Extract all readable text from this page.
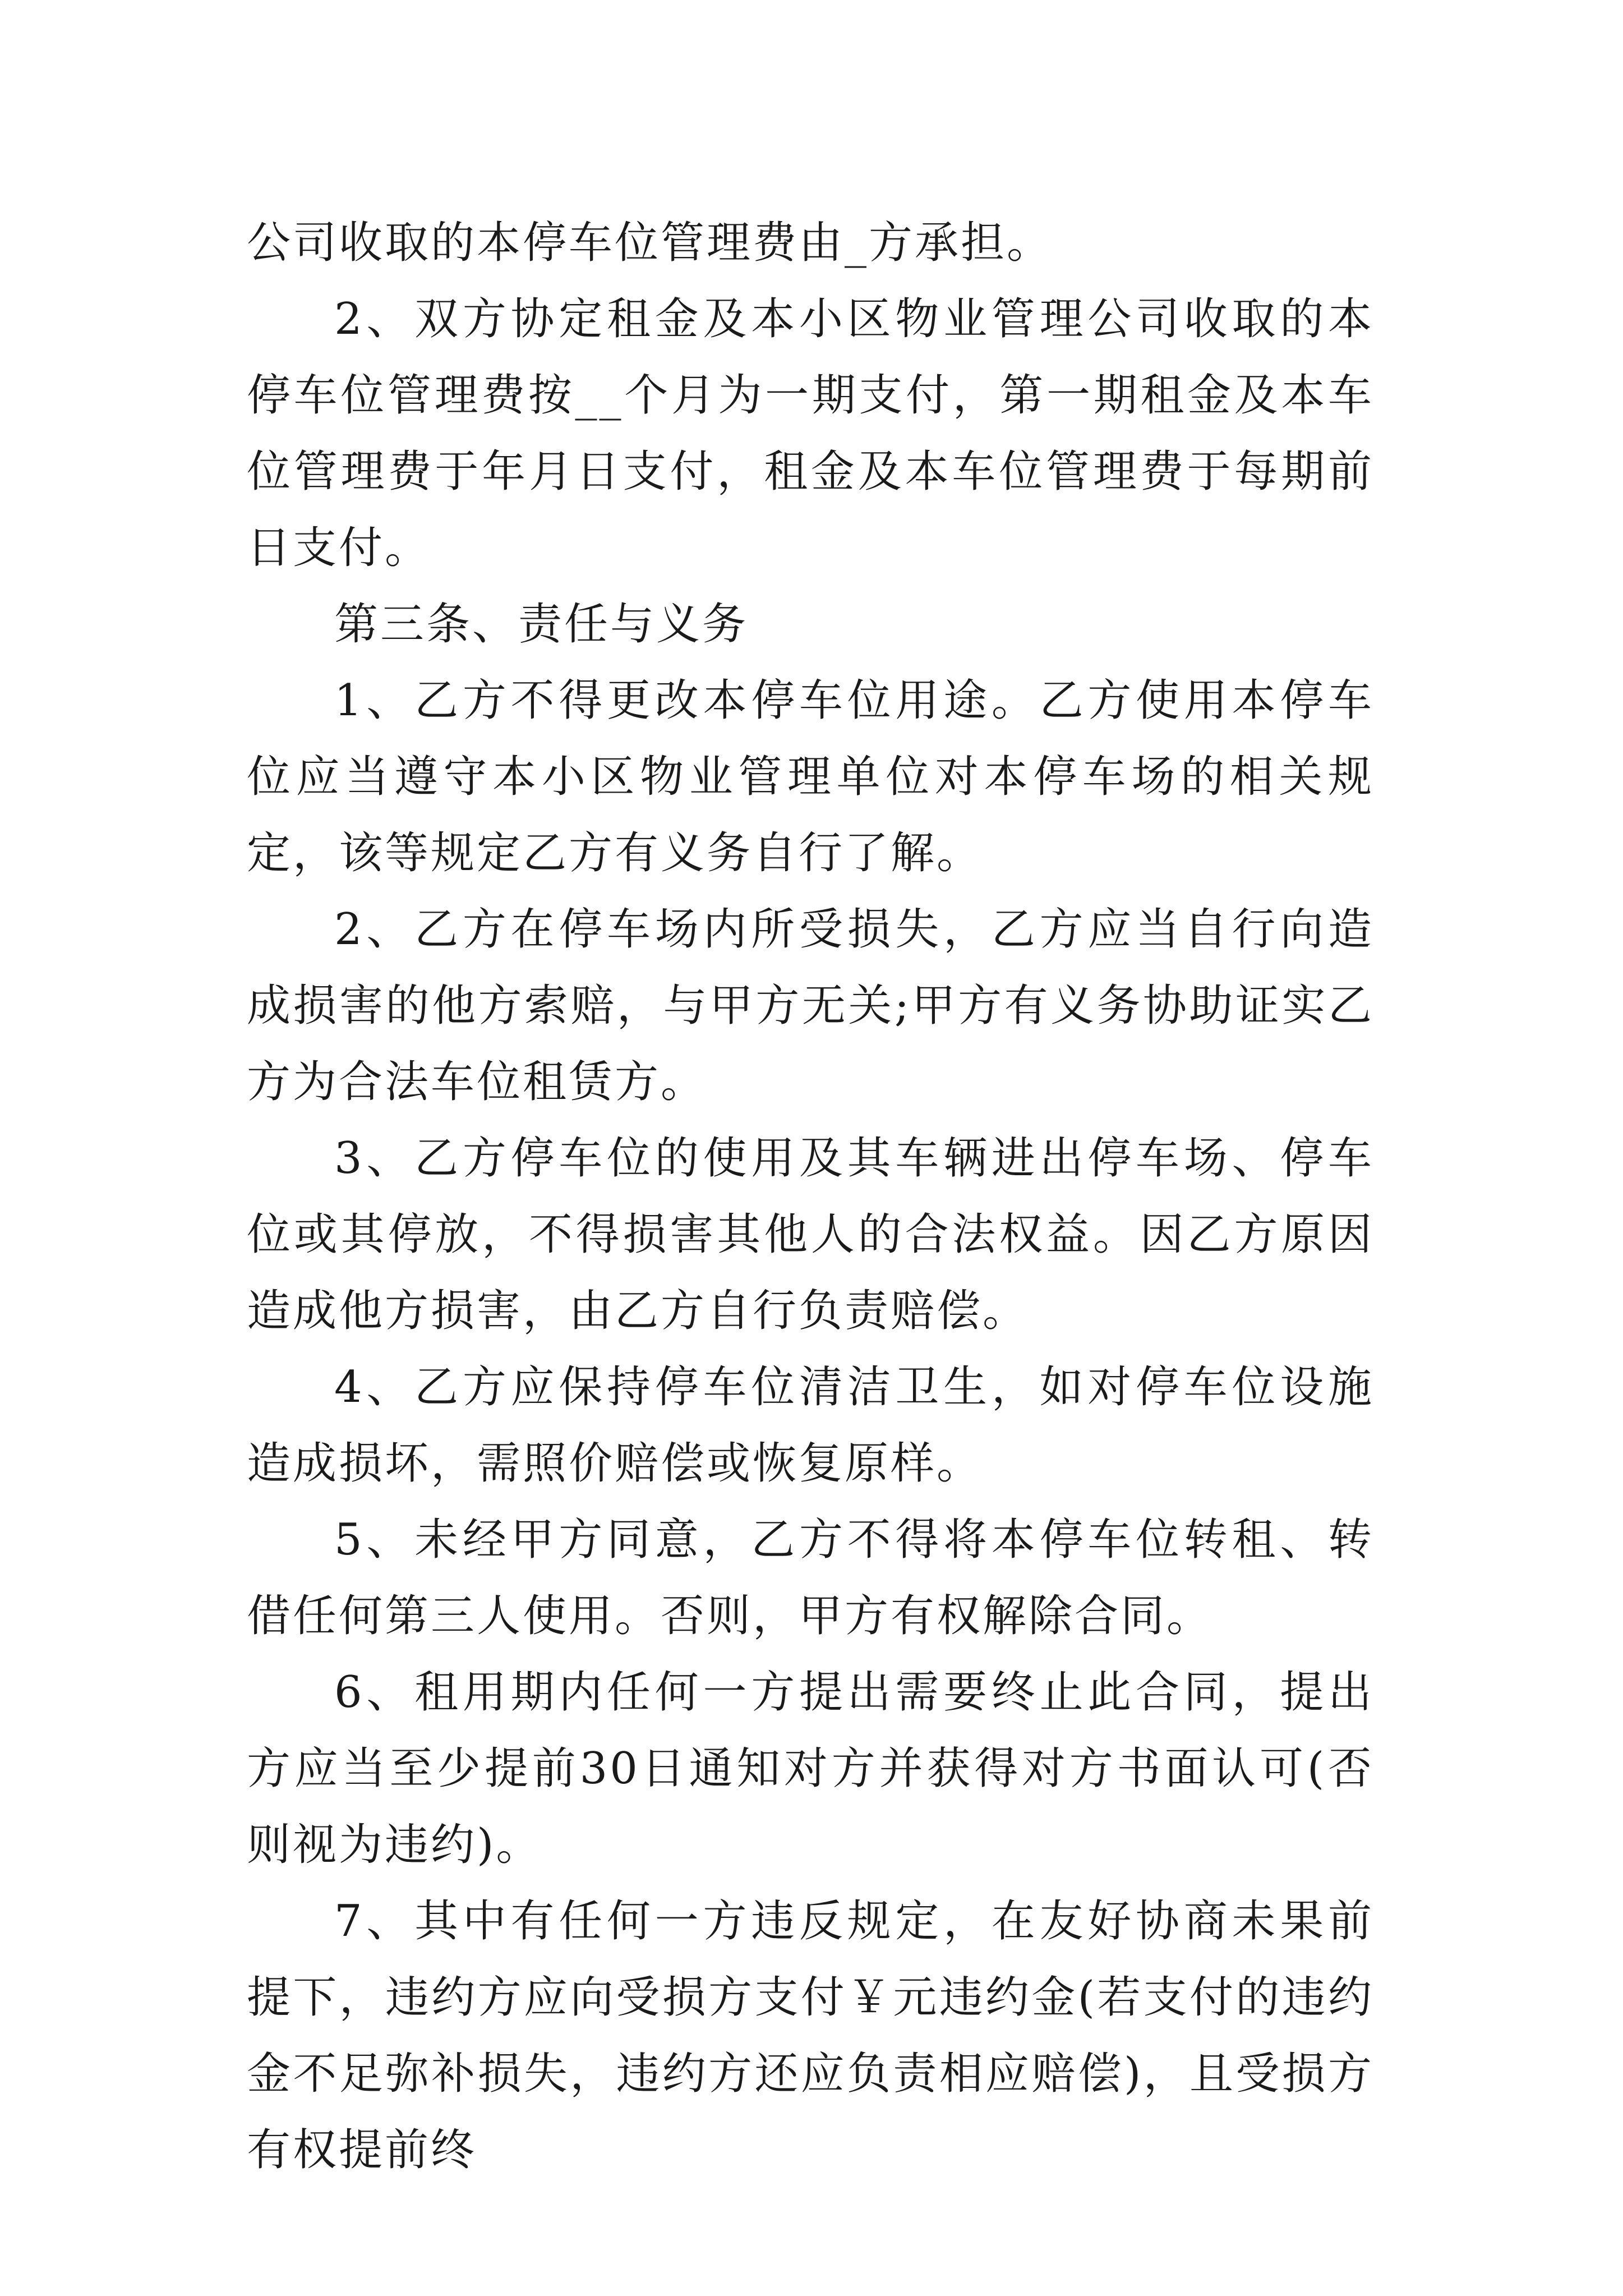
公司收取的本停车位管理费由_方承担。

2、双方协定租金及本小区物业管理公司收取的本停车位管理费按__个月为一期支付，第一期租金及本车位管理费于年月日支付，租金及本车位管理费于每期前日支付。

第三条、责任与义务

1、乙方不得更改本停车位用途。乙方使用本停车位应当遵守本小区物业管理单位对本停车场的相关规定，该等规定乙方有义务自行了解。

2、乙方在停车场内所受损失，乙方应当自行向造成损害的他方索赔，与甲方无关;甲方有义务协助证实乙方为合法车位租赁方。

3、乙方停车位的使用及其车辆进出停车场、停车位或其停放，不得损害其他人的合法权益。因乙方原因造成他方损害，由乙方自行负责赔偿。

4、乙方应保持停车位清洁卫生，如对停车位设施造成损坏，需照价赔偿或恢复原样。

5、未经甲方同意，乙方不得将本停车位转租、转借任何第三人使用。否则，甲方有权解除合同。

6、租用期内任何一方提出需要终止此合同，提出方应当至少提前30日通知对方并获得对方书面认可(否则视为违约)。

7、其中有任何一方违反规定，在友好协商未果前提下，违约方应向受损方支付￥元违约金(若支付的违约金不足弥补损失，违约方还应负责相应赔偿)，且受损方有权提前终
